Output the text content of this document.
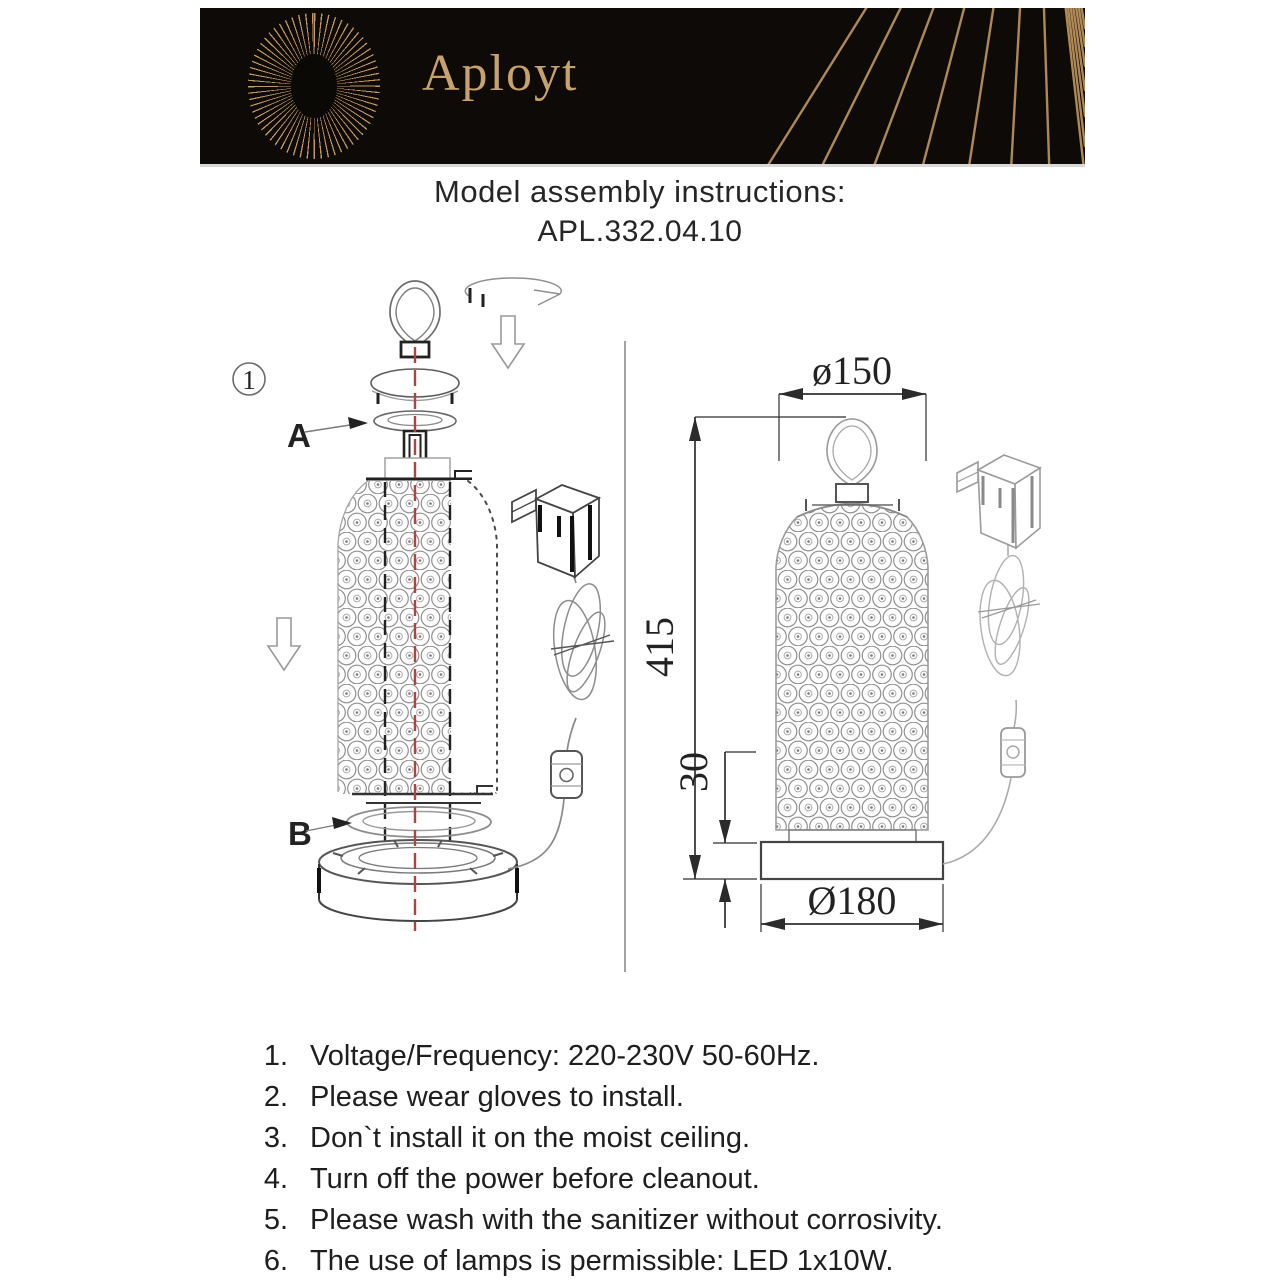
Aployt
Model assembly instructions:
APL.332.04.10
1
A
B
ø150
415
30
Ø180
1. Voltage/Frequency: 220-230V 50-60Hz.
2. Please wear gloves to install.
3. Don`t install it on the moist ceiling.
4. Turn off the power before cleanout.
5. Please wash with the sanitizer without corrosivity.
6. The use of lamps is permissible: LED 1x10W.
